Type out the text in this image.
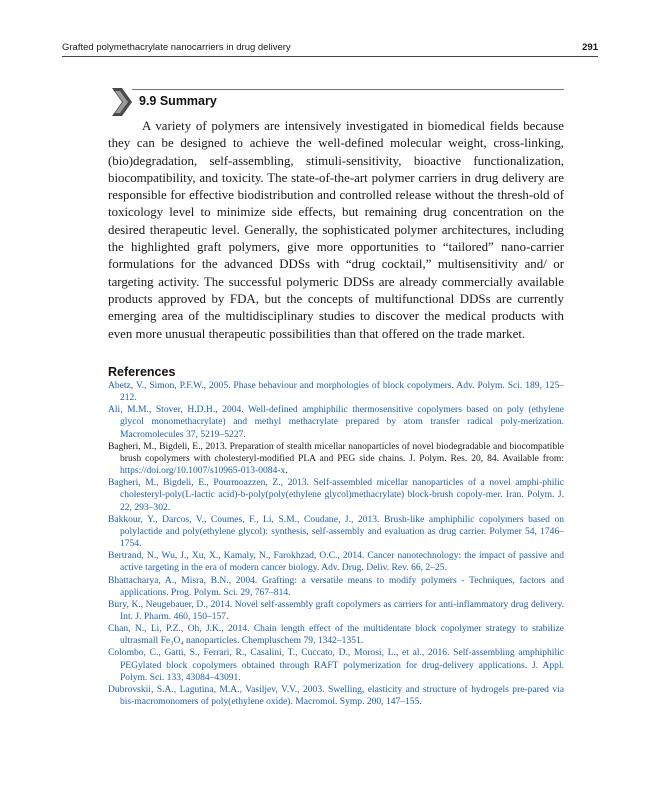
Grafted polymethacrylate nanocarriers in drug delivery	291
9.9 Summary

A variety of polymers are intensively investigated in biomedical fields because they can be designed to achieve the well-defined molecular weight, cross-linking, (bio)degradation, self-assembling, stimuli-sensitivity, bioactive functionalization, biocompatibility, and toxicity. The state-of-the-art polymer carriers in drug delivery are responsible for effective biodistribution and controlled release without the thresh-old of toxicology level to minimize side effects, but remaining drug concentration on the desired therapeutic level. Generally, the sophisticated polymer architectures, including the highlighted graft polymers, give more opportunities to “tailored” nano-carrier formulations for the advanced DDSs with “drug cocktail,” multisensitivity and/ or targeting activity. The successful polymeric DDSs are already commercially available products approved by FDA, but the concepts of multifunctional DDSs are currently emerging area of the multidisciplinary studies to discover the medical products with even more unusual therapeutic possibilities than that offered on the trade market.

References
Abetz, V., Simon, P.F.W., 2005. Phase behaviour and morphologies of block copolymers. Adv. Polym. Sci. 189, 125–212.
Ali, M.M., Stover, H.D.H., 2004. Well-defined amphiphilic thermosensitive copolymers based on poly (ethylene glycol monomethacrylate) and methyl methacrylate prepared by atom transfer radical poly-merization. Macromolecules 37, 5219–5227.
Bagheri, M., Bigdeli, E., 2013. Preparation of stealth micellar nanoparticles of novel biodegradable and biocompatible brush copolymers with cholesteryl-modified PLA and PEG side chains. J. Polym. Res. 20, 84. Available from: https://doi.org/10.1007/s10965-013-0084-x.
Bagheri, M., Bigdeli, E., Pourmoazzen, Z., 2013. Self-assembled micellar nanoparticles of a novel amphi-philic cholesteryl-poly(L-lactic acid)-b-poly(poly(ethylene glycol)methacrylate) block-brush copoly-mer. Iran. Polym. J. 22, 293–302.
Bakkour, Y., Darcos, V., Coumes, F., Li, S.M., Coudane, J., 2013. Brush-like amphiphilic copolymers based on polylactide and poly(ethylene glycol): synthesis, self-assembly and evaluation as drug carrier. Polymer 54, 1746–1754.
Bertrand, N., Wu, J., Xu, X., Kamaly, N., Farokhzad, O.C., 2014. Cancer nanotechnology: the impact of passive and active targeting in the era of modern cancer biology. Adv. Drug. Deliv. Rev. 66, 2–25.
Bhattacharya, A., Misra, B.N., 2004. Grafting: a versatile means to modify polymers - Techniques, factors and applications. Prog. Polym. Sci. 29, 767–814.
Bury, K., Neugebauer, D., 2014. Novel self-assembly graft copolymers as carriers for anti-inflammatory drug delivery. Int. J. Pharm. 460, 150–157.
Chan, N., Li, P.Z., Oh, J.K., 2014. Chain length effect of the multidentate block copolymer strategy to stabilize ultrasmall Fe₃O₄ nanoparticles. Chempluschem 79, 1342–1351.
Colombo, C., Gatti, S., Ferrari, R., Casalini, T., Cuccato, D., Morosi, L., et al., 2016. Self-assembling amphiphilic PEGylated block copolymers obtained through RAFT polymerization for drug-delivery applications. J. Appl. Polym. Sci. 133, 43084–43091.
Dubrovskii, S.A., Lagutina, M.A., Vasiljev, V.V., 2003. Swelling, elasticity and structure of hydrogels pre-pared via bis-macromonomers of poly(ethylene oxide). Macromol. Symp. 200, 147–155.
